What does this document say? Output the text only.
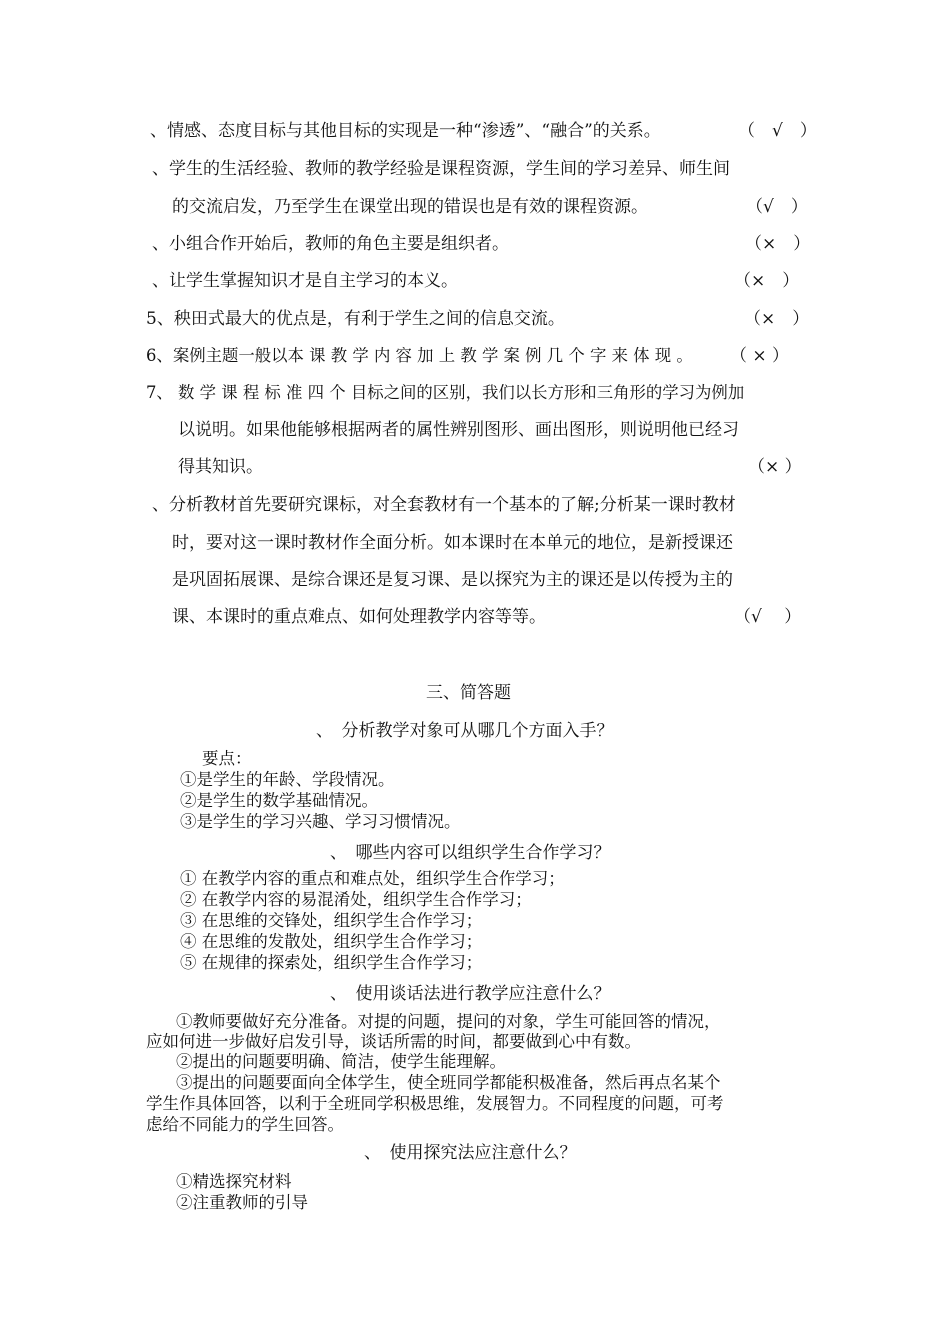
、情感、态度目标与其他目标的实现是一种“渗透”、“融合”的关系。	（　√　）
、学生的生活经验、教师的教学经验是课程资源，学生间的学习差异、师生间
的交流启发，乃至学生在课堂出现的错误也是有效的课程资源。	（√　）
、小组合作开始后，教师的角色主要是组织者。	（×　）
、让学生掌握知识才是自主学习的本义。	（×　）
5、秧田式最大的优点是，有利于学生之间的信息交流。	（×　）
6、案例主题一般以本 课 教 学 内 容 加 上 教 学 案 例 几 个 字 来 体 现 。 （ × ）
7、 数 学 课 程 标 准 四 个 目标之间的区别，我们以长方形和三角形的学习为例加
以说明。如果他能够根据两者的属性辨别图形、画出图形，则说明他已经习
得其知识。	（× ）
、分析教材首先要研究课标，对全套教材有一个基本的了解;分析某一课时教材
时，要对这一课时教材作全面分析。如本课时在本单元的地位，是新授课还
是巩固拓展课、是综合课还是复习课、是以探究为主的课还是以传授为主的
课、本课时的重点难点、如何处理教学内容等等。	（√　 ）
三、简答题
、　分析教学对象可从哪几个方面入手？
要点：
①是学生的年龄、学段情况。
②是学生的数学基础情况。
③是学生的学习兴趣、学习习惯情况。
、　哪些内容可以组织学生合作学习？
① 在教学内容的重点和难点处，组织学生合作学习；
② 在教学内容的易混淆处，组织学生合作学习；
③ 在思维的交锋处，组织学生合作学习；
④ 在思维的发散处，组织学生合作学习；
⑤ 在规律的探索处，组织学生合作学习；
、　使用谈话法进行教学应注意什么？
①教师要做好充分准备。对提的问题，提问的对象，学生可能回答的情况，
应如何进一步做好启发引导，谈话所需的时间，都要做到心中有数。
②提出的问题要明确、简洁，使学生能理解。
③提出的问题要面向全体学生，使全班同学都能积极准备，然后再点名某个
学生作具体回答，以利于全班同学积极思维，发展智力。不同程度的问题，可考
虑给不同能力的学生回答。
、　使用探究法应注意什么？
①精选探究材料
②注重教师的引导
